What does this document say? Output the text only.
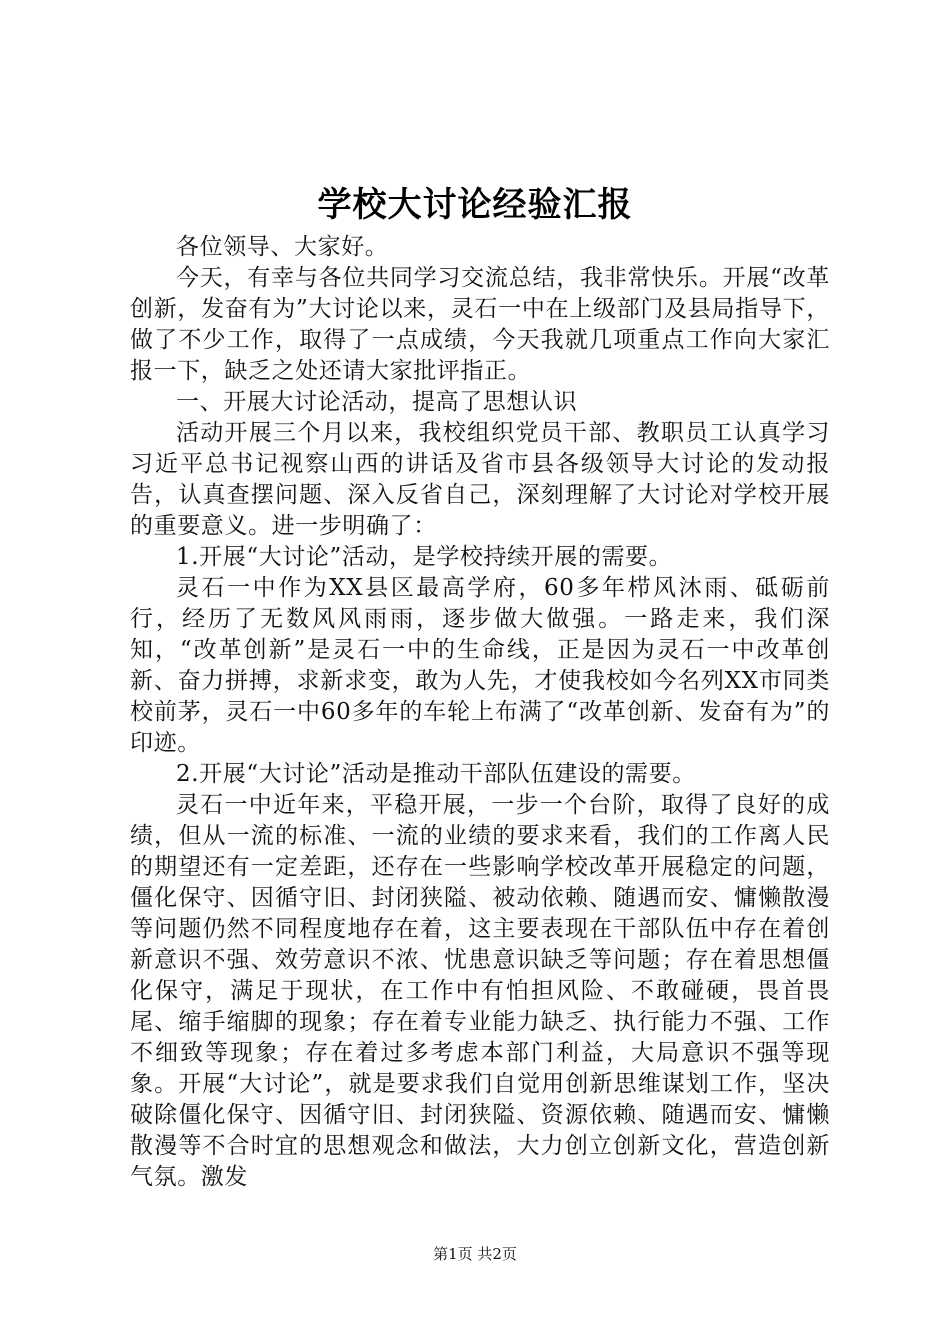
学校大讨论经验汇报

各位领导、大家好。

今天，有幸与各位共同学习交流总结，我非常快乐。开展“改革创新，发奋有为”大讨论以来，灵石一中在上级部门及县局指导下，做了不少工作，取得了一点成绩，今天我就几项重点工作向大家汇报一下，缺乏之处还请大家批评指正。

一、开展大讨论活动，提高了思想认识

活动开展三个月以来，我校组织党员干部、教职员工认真学习习近平总书记视察山西的讲话及省市县各级领导大讨论的发动报告，认真查摆问题、深入反省自己，深刻理解了大讨论对学校开展的重要意义。进一步明确了：

1.开展“大讨论”活动，是学校持续开展的需要。

灵石一中作为XX县区最高学府，60多年栉风沐雨、砥砺前行，经历了无数风风雨雨，逐步做大做强。一路走来，我们深知，“改革创新”是灵石一中的生命线，正是因为灵石一中改革创新、奋力拼搏，求新求变，敢为人先，才使我校如今名列XX市同类校前茅，灵石一中60多年的车轮上布满了“改革创新、发奋有为”的印迹。

2.开展“大讨论”活动是推动干部队伍建设的需要。

灵石一中近年来，平稳开展，一步一个台阶，取得了良好的成绩，但从一流的标准、一流的业绩的要求来看，我们的工作离人民的期望还有一定差距，还存在一些影响学校改革开展稳定的问题，僵化保守、因循守旧、封闭狭隘、被动依赖、随遇而安、慵懒散漫等问题仍然不同程度地存在着，这主要表现在干部队伍中存在着创新意识不强、效劳意识不浓、忧患意识缺乏等问题；存在着思想僵化保守，满足于现状，在工作中有怕担风险、不敢碰硬，畏首畏尾、缩手缩脚的现象；存在着专业能力缺乏、执行能力不强、工作不细致等现象；存在着过多考虑本部门利益，大局意识不强等现象。开展“大讨论”，就是要求我们自觉用创新思维谋划工作，坚决破除僵化保守、因循守旧、封闭狭隘、资源依赖、随遇而安、慵懒散漫等不合时宜的思想观念和做法，大力创立创新文化，营造创新气氛。激发

第1页 共2页
